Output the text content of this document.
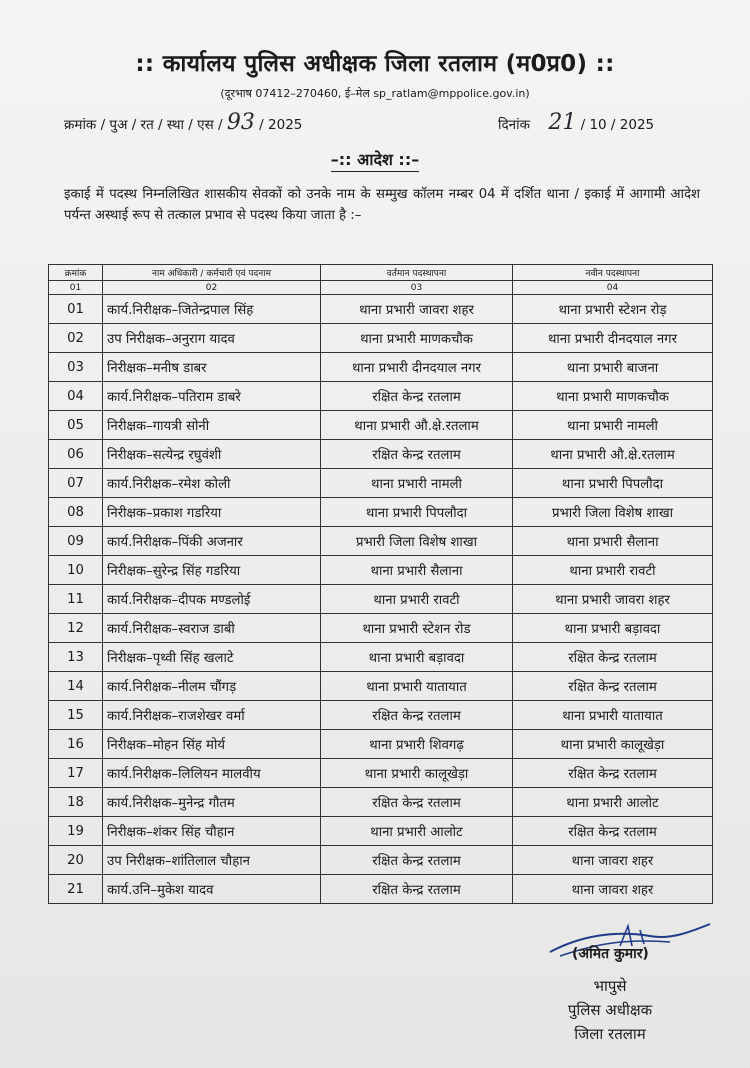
:: कार्यालय पुलिस अधीक्षक जिला रतलाम (म0प्र0) ::
(दूरभाष 07412–270460, ई–मेल sp_ratlam@mppolice.gov.in)
क्रमांक / पुअ / रत / स्था / एस / 93 / 2025	दिनांक 21 / 10 / 2025
–:: आदेश ::–
इकाई में पदस्थ निम्नलिखित शासकीय सेवकों को उनके नाम के सम्मुख कॉलम नम्बर 04 में दर्शित थाना / इकाई में आगामी आदेश पर्यन्त अस्थाई रूप से तत्काल प्रभाव से पदस्थ किया जाता है :–
क्रमांक	नाम अधिकारी / कर्मचारी एवं पदनाम	वर्तमान पदस्थापना	नवीन पदस्थापना
01	02	03	04
01	कार्य.निरीक्षक–जितेन्द्रपाल सिंह	थाना प्रभारी जावरा शहर	थाना प्रभारी स्टेशन रोड़
02	उप निरीक्षक–अनुराग यादव	थाना प्रभारी माणकचौक	थाना प्रभारी दीनदयाल नगर
03	निरीक्षक–मनीष डाबर	थाना प्रभारी दीनदयाल नगर	थाना प्रभारी बाजना
04	कार्य.निरीक्षक–पतिराम डाबरे	रक्षित केन्द्र रतलाम	थाना प्रभारी माणकचौक
05	निरीक्षक–गायत्री सोनी	थाना प्रभारी औ.क्षे.रतलाम	थाना प्रभारी नामली
06	निरीक्षक–सत्येन्द्र रघुवंशी	रक्षित केन्द्र रतलाम	थाना प्रभारी औ.क्षे.रतलाम
07	कार्य.निरीक्षक–रमेश कोली	थाना प्रभारी नामली	थाना प्रभारी पिपलौदा
08	निरीक्षक–प्रकाश गडरिया	थाना प्रभारी पिपलौदा	प्रभारी जिला विशेष शाखा
09	कार्य.निरीक्षक–पिंकी अजनार	प्रभारी जिला विशेष शाखा	थाना प्रभारी सैलाना
10	निरीक्षक–सुरेन्द्र सिंह गडरिया	थाना प्रभारी सैलाना	थाना प्रभारी रावटी
11	कार्य.निरीक्षक–दीपक मण्डलोई	थाना प्रभारी रावटी	थाना प्रभारी जावरा शहर
12	कार्य.निरीक्षक–स्वराज डाबी	थाना प्रभारी स्टेशन रोड	थाना प्रभारी बड़ावदा
13	निरीक्षक–पृथ्वी सिंह खलाटे	थाना प्रभारी बड़ावदा	रक्षित केन्द्र रतलाम
14	कार्य.निरीक्षक–नीलम चौंगड़	थाना प्रभारी यातायात	रक्षित केन्द्र रतलाम
15	कार्य.निरीक्षक–राजशेखर वर्मा	रक्षित केन्द्र रतलाम	थाना प्रभारी यातायात
16	निरीक्षक–मोहन सिंह मोर्य	थाना प्रभारी शिवगढ़	थाना प्रभारी कालूखेड़ा
17	कार्य.निरीक्षक–लिलियन मालवीय	थाना प्रभारी कालूखेड़ा	रक्षित केन्द्र रतलाम
18	कार्य.निरीक्षक–मुनेन्द्र गौतम	रक्षित केन्द्र रतलाम	थाना प्रभारी आलोट
19	निरीक्षक–शंकर सिंह चौहान	थाना प्रभारी आलोट	रक्षित केन्द्र रतलाम
20	उप निरीक्षक–शांतिलाल चौहान	रक्षित केन्द्र रतलाम	थाना जावरा शहर
21	कार्य.उनि–मुकेश यादव	रक्षित केन्द्र रतलाम	थाना जावरा शहर
(अमित कुमार)
भापुसे
पुलिस अधीक्षक
जिला रतलाम
